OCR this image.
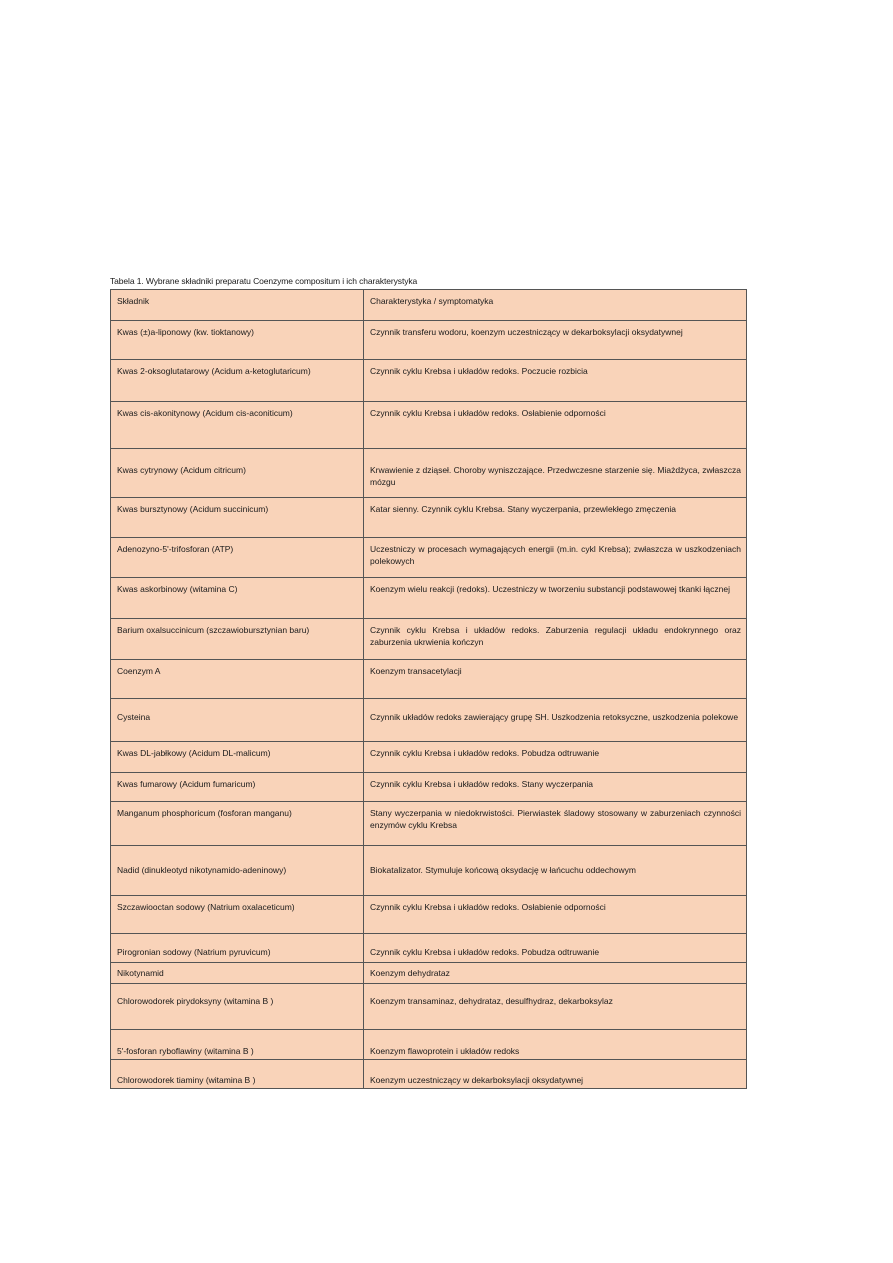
Tabela 1. Wybrane składniki preparatu Coenzyme compositum i ich charakterystyka
Składnik	Charakterystyka / symptomatyka
Kwas (±)a-liponowy (kw. tioktanowy)	Czynnik transferu wodoru, koenzym uczestniczący w dekarboksylacji oksydatywnej
Kwas 2-oksoglutatarowy (Acidum a-ketoglutaricum)	Czynnik cyklu Krebsa i układów redoks. Poczucie rozbicia
Kwas cis-akonitynowy (Acidum cis-aconiticum)	Czynnik cyklu Krebsa i układów redoks. Osłabienie odporności
Kwas cytrynowy (Acidum citricum)	Krwawienie z dziąseł. Choroby wyniszczające. Przedwczesne starzenie się. Miażdżyca, zwłaszcza mózgu
Kwas bursztynowy (Acidum succinicum)	Katar sienny. Czynnik cyklu Krebsa. Stany wyczerpania, przewlekłego zmęczenia
Adenozyno-5'-trifosforan (ATP)	Uczestniczy w procesach wymagających energii (m.in. cykl Krebsa); zwłaszcza w uszkodzeniach polekowych
Kwas askorbinowy (witamina C)	Koenzym wielu reakcji (redoks). Uczestniczy w tworzeniu substancji podstawowej tkanki łącznej
Barium oxalsuccinicum (szczawiobursztynian baru)	Czynnik cyklu Krebsa i układów redoks. Zaburzenia regulacji układu endokrynnego oraz zaburzenia ukrwienia kończyn
Coenzym A	Koenzym transacetylacji
Cysteina	Czynnik układów redoks zawierający grupę SH. Uszkodzenia retoksyczne, uszkodzenia polekowe
Kwas DL-jabłkowy (Acidum DL-malicum)	Czynnik cyklu Krebsa i układów redoks. Pobudza odtruwanie
Kwas fumarowy (Acidum fumaricum)	Czynnik cyklu Krebsa i układów redoks. Stany wyczerpania
Manganum phosphoricum (fosforan manganu)	Stany wyczerpania w niedokrwistości. Pierwiastek śladowy stosowany w zaburzeniach czynności enzymów cyklu Krebsa
Nadid (dinukleotyd nikotynamido-adeninowy)	Biokatalizator. Stymuluje końcową oksydację w łańcuchu oddechowym
Szczawiooctan sodowy (Natrium oxalaceticum)	Czynnik cyklu Krebsa i układów redoks. Osłabienie odporności
Pirogronian sodowy (Natrium pyruvicum)	Czynnik cyklu Krebsa i układów redoks. Pobudza odtruwanie
Nikotynamid	Koenzym dehydrataz
Chlorowodorek pirydoksyny (witamina B )	Koenzym transaminaz, dehydrataz, desulfhydraz, dekarboksylaz
5'-fosforan ryboflawiny (witamina B )	Koenzym flawoprotein i układów redoks
Chlorowodorek tiaminy (witamina B )	Koenzym uczestniczący w dekarboksylacji oksydatywnej
